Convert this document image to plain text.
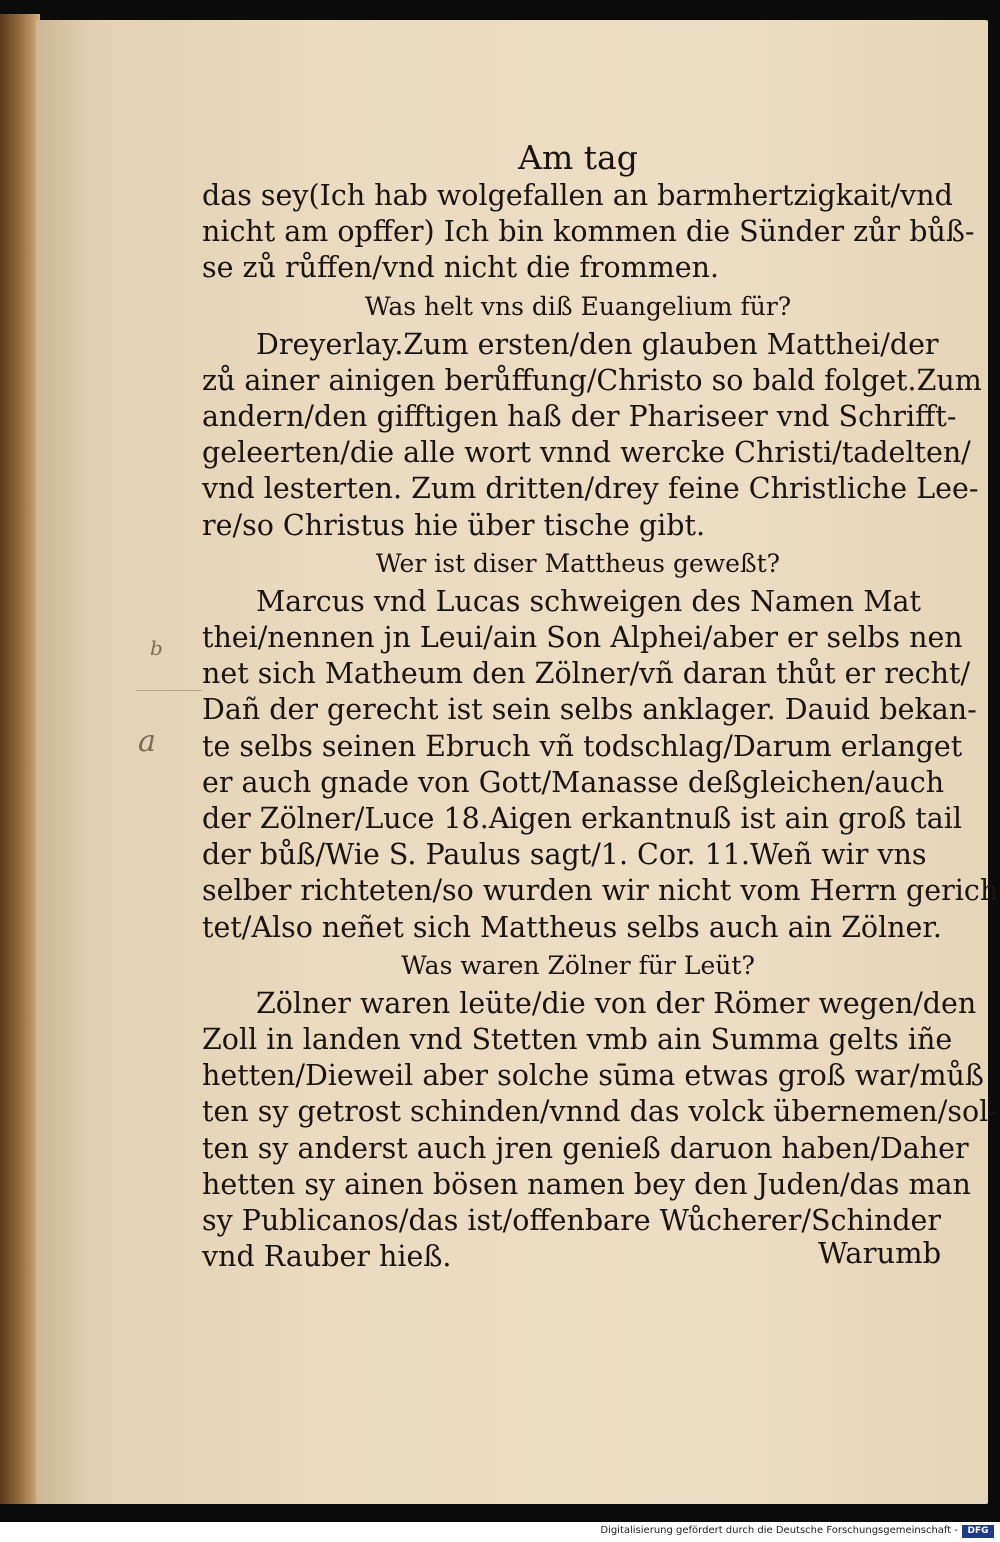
b
a
Am tag
das sey(Ich hab wolgefallen an barmhertzigkait/vnd
nicht am opffer) Ich bin kommen die Sünder zůr bůß-
se zů růffen/vnd nicht die frommen.
Was helt vns diß Euangelium für?
Dreyerlay.Zum ersten/den glauben Matthei/der
zů ainer ainigen berůffung/Christo so bald folget.Zum
andern/den gifftigen haß der Phariseer vnd Schrifft-
geleerten/die alle wort vnnd wercke Christi/tadelten/
vnd lesterten. Zum dritten/drey feine Christliche Lee-
re/so Christus hie über tische gibt.
Wer ist diser Mattheus geweßt?
Marcus vnd Lucas schweigen des Namen Mat
thei/nennen jn Leui/ain Son Alphei/aber er selbs nen
net sich Matheum den Zölner/vñ daran thůt er recht/
Dañ der gerecht ist sein selbs anklager. Dauid bekan-
te selbs seinen Ebruch vñ todschlag/Darum erlanget
er auch gnade von Gott/Manasse deßgleichen/auch
der Zölner/Luce 18.Aigen erkantnuß ist ain groß tail
der bůß/Wie S. Paulus sagt/1. Cor. 11.Weñ wir vns
selber richteten/so wurden wir nicht vom Herrn gerich
tet/Also neñet sich Mattheus selbs auch ain Zölner.
Was waren Zölner für Leüt?
Zölner waren leüte/die von der Römer wegen/den
Zoll in landen vnd Stetten vmb ain Summa gelts iñe
hetten/Dieweil aber solche sūma etwas groß war/můß
ten sy getrost schinden/vnnd das volck übernemen/sol-
ten sy anderst auch jren genieß daruon haben/Daher
hetten sy ainen bösen namen bey den Juden/das man
sy Publicanos/das ist/offenbare Wůcherer/Schinder
vnd Rauber hieß.	Warumb
Digitalisierung gefördert durch die Deutsche Forschungsgemeinschaft -	DFG
